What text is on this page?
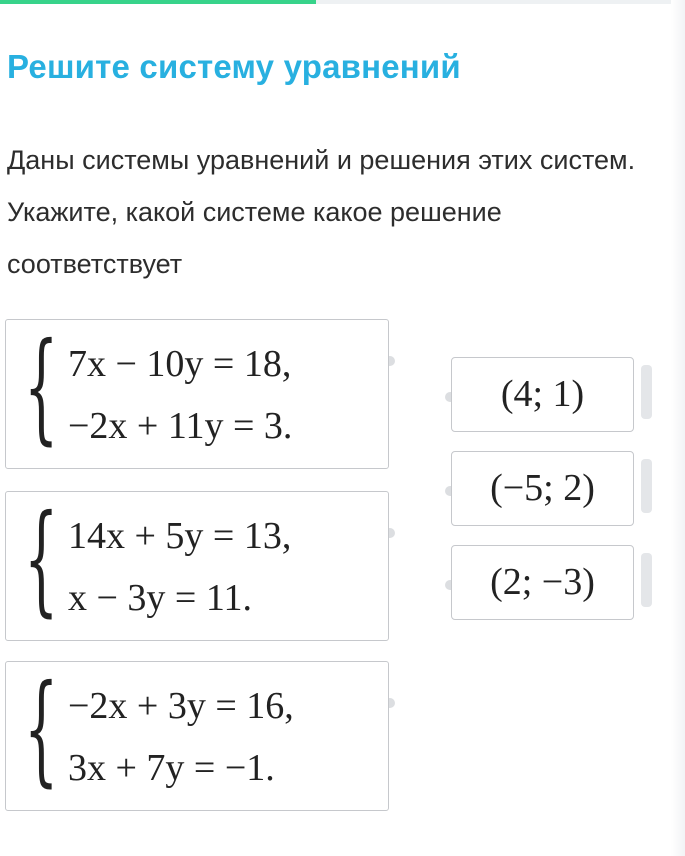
Решите систему уравнений

Даны системы уравнений и решения этих систем. Укажите, какой системе какое решение соответствует

{ 7x − 10y = 18,
−2x + 11y = 3.
{ 14x + 5y = 13,
x − 3y = 11.
{ −2x + 3y = 16,
3x + 7y = −1.
(4; 1)
(−5; 2)
(2; −3)
